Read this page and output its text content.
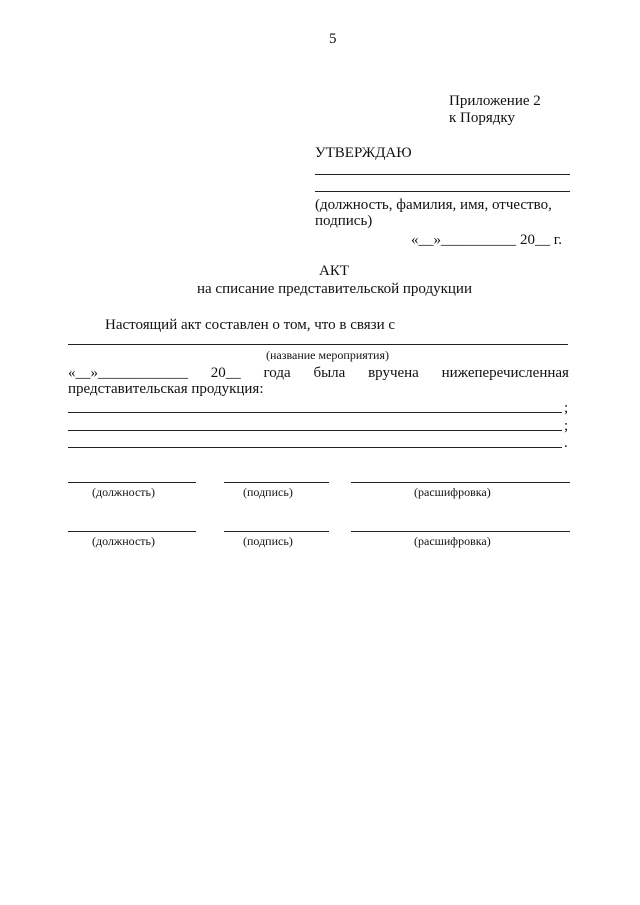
5
Приложение 2
к Порядку
УТВЕРЖДАЮ
(должность, фамилия, имя, отчество,
подпись)
«__»__________ 20__ г.
АКТ
на списание представительской продукции
Настоящий акт составлен о том, что в связи с
(название мероприятия)
«__»____________ 20__ года была вручена нижеперечисленная
представительская продукция:
;
;
.
(должность)	(подпись)	(расшифровка)
(должность)	(подпись)	(расшифровка)
